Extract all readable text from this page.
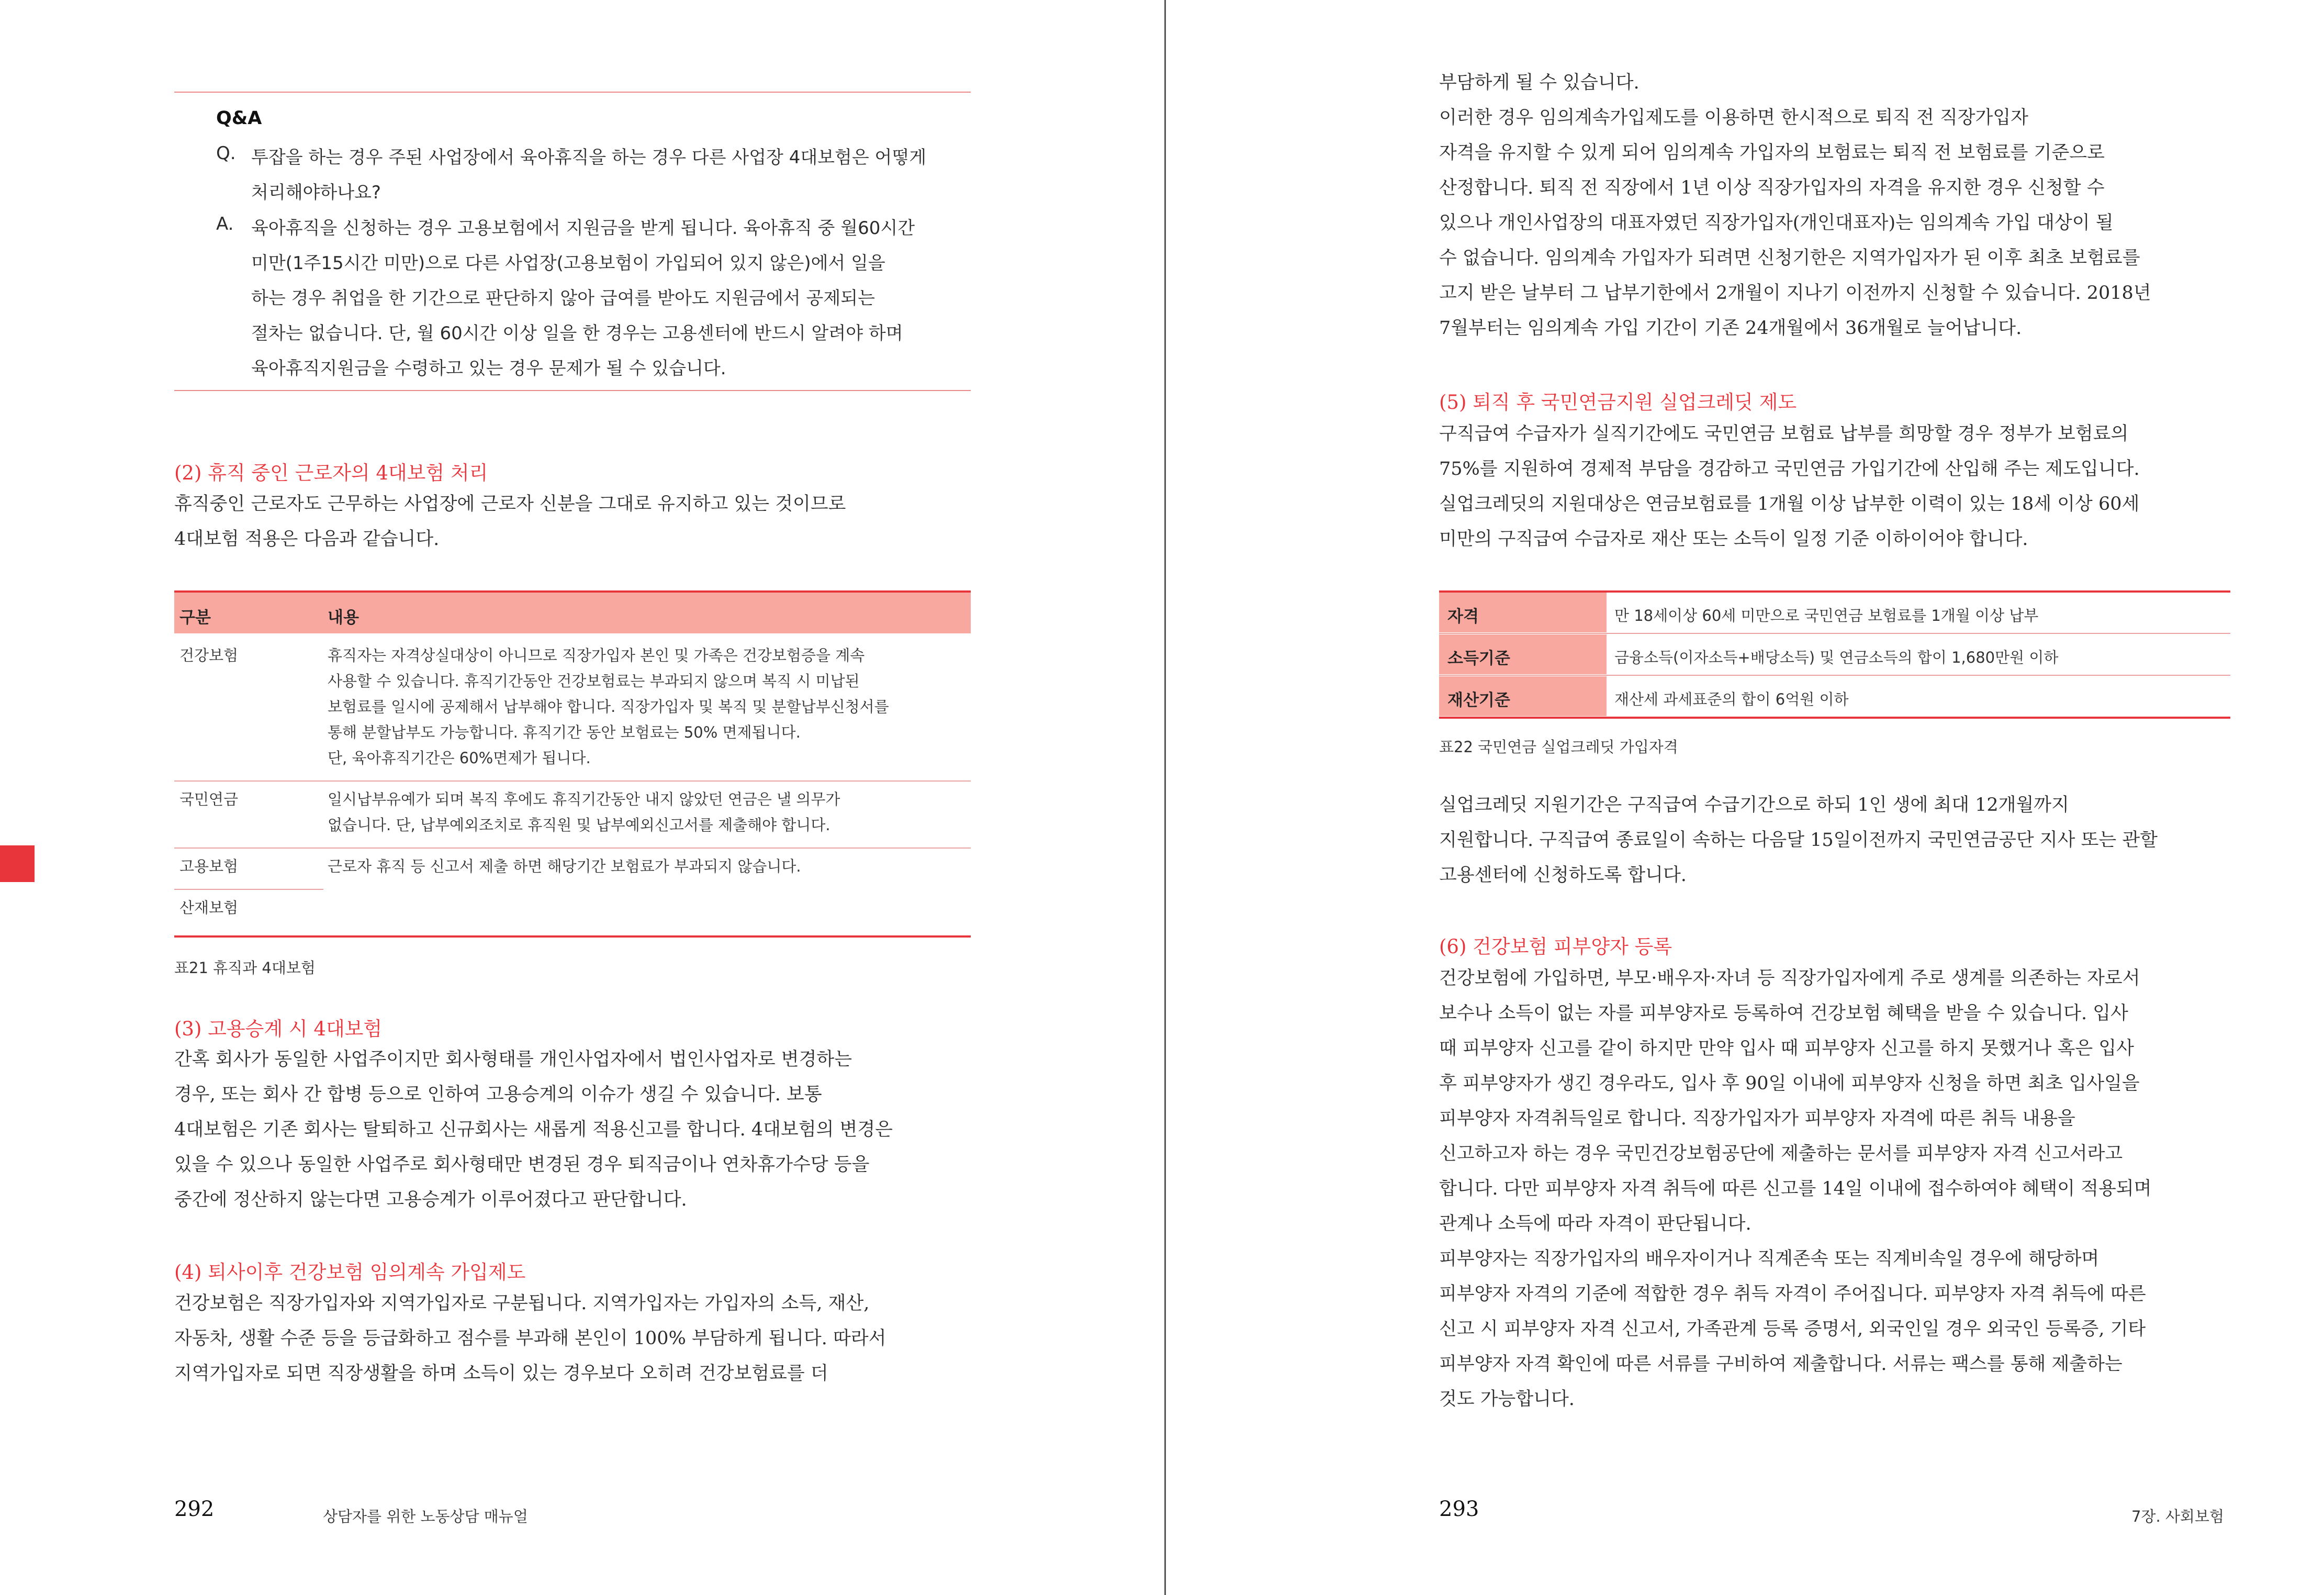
Q&A
Q. 투잡을 하는 경우 주된 사업장에서 육아휴직을 하는 경우 다른 사업장 4대보험은 어떻게
처리해야하나요?
A. 육아휴직을 신청하는 경우 고용보험에서 지원금을 받게 됩니다. 육아휴직 중 월60시간
미만(1주15시간 미만)으로 다른 사업장(고용보험이 가입되어 있지 않은)에서 일을
하는 경우 취업을 한 기간으로 판단하지 않아 급여를 받아도 지원금에서 공제되는
절차는 없습니다. 단, 월 60시간 이상 일을 한 경우는 고용센터에 반드시 알려야 하며
육아휴직지원금을 수령하고 있는 경우 문제가 될 수 있습니다.
(2) 휴직 중인 근로자의 4대보험 처리
휴직중인 근로자도 근무하는 사업장에 근로자 신분을 그대로 유지하고 있는 것이므로
4대보험 적용은 다음과 같습니다.
구분	내용
건강보험	휴직자는 자격상실대상이 아니므로 직장가입자 본인 및 가족은 건강보험증을 계속
사용할 수 있습니다. 휴직기간동안 건강보험료는 부과되지 않으며 복직 시 미납된
보험료를 일시에 공제해서 납부해야 합니다. 직장가입자 및 복직 및 분할납부신청서를
통해 분할납부도 가능합니다. 휴직기간 동안 보험료는 50% 면제됩니다.
단, 육아휴직기간은 60%면제가 됩니다.
국민연금	일시납부유예가 되며 복직 후에도 휴직기간동안 내지 않았던 연금은 낼 의무가
없습니다. 단, 납부예외조치로 휴직원 및 납부예외신고서를 제출해야 합니다.
고용보험	근로자 휴직 등 신고서 제출 하면 해당기간 보험료가 부과되지 않습니다.
산재보험
표21 휴직과 4대보험
(3) 고용승계 시 4대보험
간혹 회사가 동일한 사업주이지만 회사형태를 개인사업자에서 법인사업자로 변경하는
경우, 또는 회사 간 합병 등으로 인하여 고용승계의 이슈가 생길 수 있습니다. 보통
4대보험은 기존 회사는 탈퇴하고 신규회사는 새롭게 적용신고를 합니다. 4대보험의 변경은
있을 수 있으나 동일한 사업주로 회사형태만 변경된 경우 퇴직금이나 연차휴가수당 등을
중간에 정산하지 않는다면 고용승계가 이루어졌다고 판단합니다.
(4) 퇴사이후 건강보험 임의계속 가입제도
건강보험은 직장가입자와 지역가입자로 구분됩니다. 지역가입자는 가입자의 소득, 재산,
자동차, 생활 수준 등을 등급화하고 점수를 부과해 본인이 100% 부담하게 됩니다. 따라서
지역가입자로 되면 직장생활을 하며 소득이 있는 경우보다 오히려 건강보험료를 더
292	상담자를 위한 노동상담 매뉴얼
부담하게 될 수 있습니다.
이러한 경우 임의계속가입제도를 이용하면 한시적으로 퇴직 전 직장가입자
자격을 유지할 수 있게 되어 임의계속 가입자의 보험료는 퇴직 전 보험료를 기준으로
산정합니다. 퇴직 전 직장에서 1년 이상 직장가입자의 자격을 유지한 경우 신청할 수
있으나 개인사업장의 대표자였던 직장가입자(개인대표자)는 임의계속 가입 대상이 될
수 없습니다. 임의계속 가입자가 되려면 신청기한은 지역가입자가 된 이후 최초 보험료를
고지 받은 날부터 그 납부기한에서 2개월이 지나기 이전까지 신청할 수 있습니다. 2018년
7월부터는 임의계속 가입 기간이 기존 24개월에서 36개월로 늘어납니다.
(5) 퇴직 후 국민연금지원 실업크레딧 제도
구직급여 수급자가 실직기간에도 국민연금 보험료 납부를 희망할 경우 정부가 보험료의
75%를 지원하여 경제적 부담을 경감하고 국민연금 가입기간에 산입해 주는 제도입니다.
실업크레딧의 지원대상은 연금보험료를 1개월 이상 납부한 이력이 있는 18세 이상 60세
미만의 구직급여 수급자로 재산 또는 소득이 일정 기준 이하이어야 합니다.
자격	만 18세이상 60세 미만으로 국민연금 보험료를 1개월 이상 납부
소득기준	금융소득(이자소득+배당소득) 및 연금소득의 합이 1,680만원 이하
재산기준	재산세 과세표준의 합이 6억원 이하
표22 국민연금 실업크레딧 가입자격
실업크레딧 지원기간은 구직급여 수급기간으로 하되 1인 생에 최대 12개월까지
지원합니다. 구직급여 종료일이 속하는 다음달 15일이전까지 국민연금공단 지사 또는 관할
고용센터에 신청하도록 합니다.
(6) 건강보험 피부양자 등록
건강보험에 가입하면, 부모·배우자·자녀 등 직장가입자에게 주로 생계를 의존하는 자로서
보수나 소득이 없는 자를 피부양자로 등록하여 건강보험 혜택을 받을 수 있습니다. 입사
때 피부양자 신고를 같이 하지만 만약 입사 때 피부양자 신고를 하지 못했거나 혹은 입사
후 피부양자가 생긴 경우라도, 입사 후 90일 이내에 피부양자 신청을 하면 최초 입사일을
피부양자 자격취득일로 합니다. 직장가입자가 피부양자 자격에 따른 취득 내용을
신고하고자 하는 경우 국민건강보험공단에 제출하는 문서를 피부양자 자격 신고서라고
합니다. 다만 피부양자 자격 취득에 따른 신고를 14일 이내에 접수하여야 혜택이 적용되며
관계나 소득에 따라 자격이 판단됩니다.
피부양자는 직장가입자의 배우자이거나 직계존속 또는 직계비속일 경우에 해당하며
피부양자 자격의 기준에 적합한 경우 취득 자격이 주어집니다. 피부양자 자격 취득에 따른
신고 시 피부양자 자격 신고서, 가족관계 등록 증명서, 외국인일 경우 외국인 등록증, 기타
피부양자 자격 확인에 따른 서류를 구비하여 제출합니다. 서류는 팩스를 통해 제출하는
것도 가능합니다.
293	7장. 사회보험
